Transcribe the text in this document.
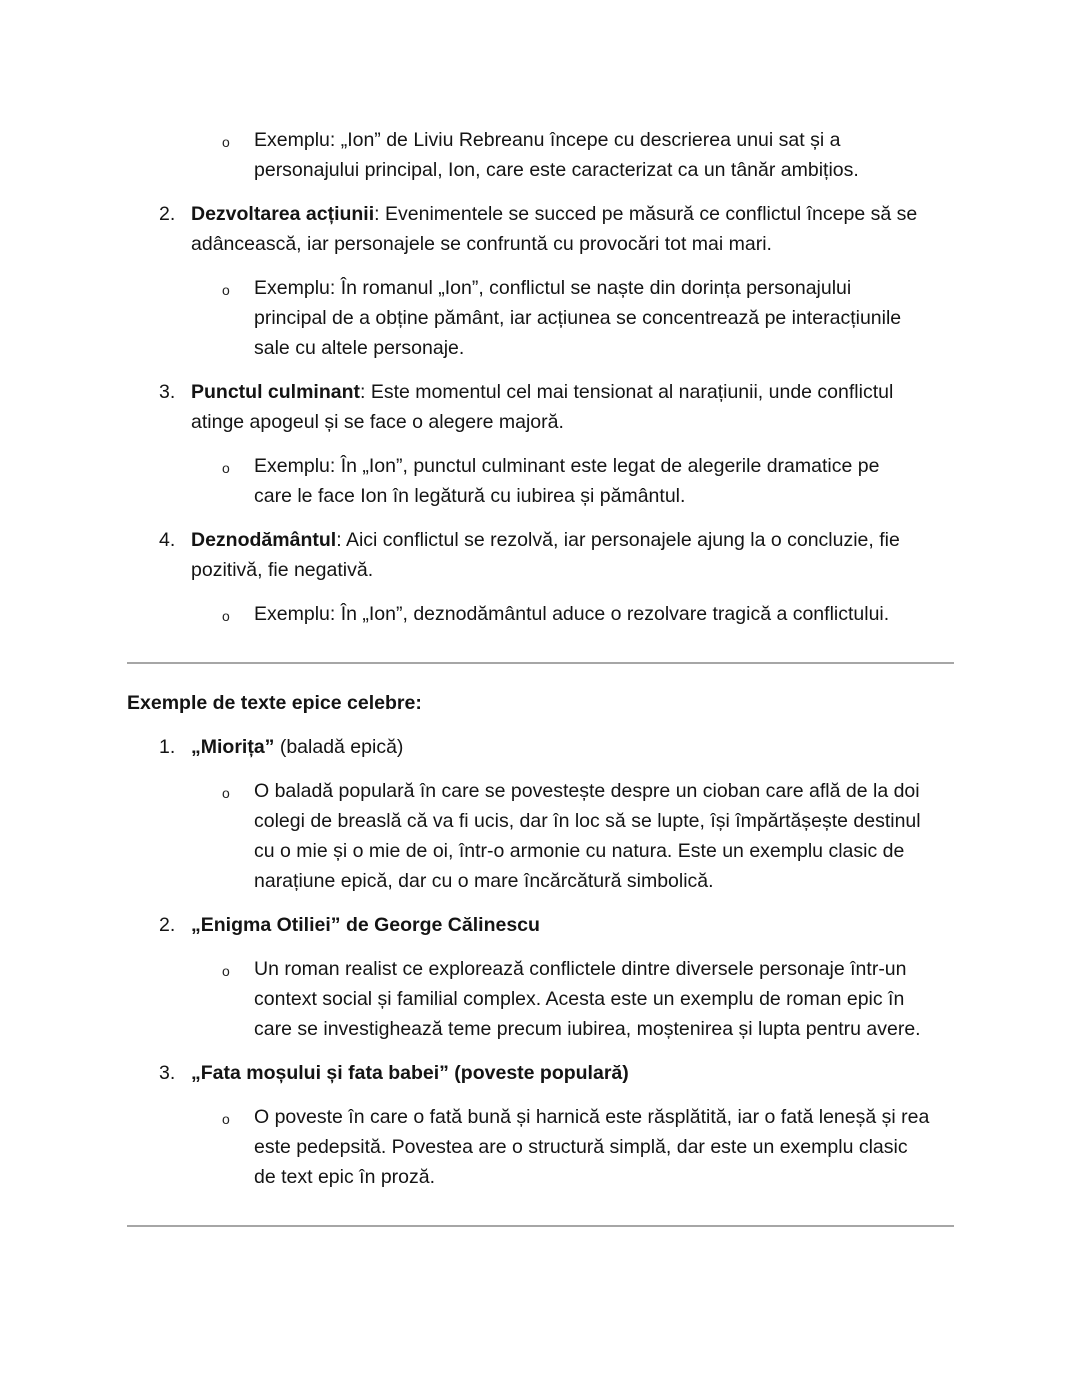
o Exemplu: „Ion” de Liviu Rebreanu începe cu descrierea unui sat și a
personajului principal, Ion, care este caracterizat ca un tânăr ambițios.
2. Dezvoltarea acțiunii: Evenimentele se succed pe măsură ce conflictul începe să se
adâncească, iar personajele se confruntă cu provocări tot mai mari.
o Exemplu: În romanul „Ion”, conflictul se naște din dorința personajului
principal de a obține pământ, iar acțiunea se concentrează pe interacțiunile
sale cu altele personaje.
3. Punctul culminant: Este momentul cel mai tensionat al narațiunii, unde conflictul
atinge apogeul și se face o alegere majoră.
o Exemplu: În „Ion”, punctul culminant este legat de alegerile dramatice pe
care le face Ion în legătură cu iubirea și pământul.
4. Deznodământul: Aici conflictul se rezolvă, iar personajele ajung la o concluzie, fie
pozitivă, fie negativă.
o Exemplu: În „Ion”, deznodământul aduce o rezolvare tragică a conflictului.
Exemple de texte epice celebre:
1. „Miorița” (baladă epică)
o O baladă populară în care se povestește despre un cioban care află de la doi
colegi de breaslă că va fi ucis, dar în loc să se lupte, își împărtășește destinul
cu o mie și o mie de oi, într-o armonie cu natura. Este un exemplu clasic de
narațiune epică, dar cu o mare încărcătură simbolică.
2. „Enigma Otiliei” de George Călinescu
o Un roman realist ce explorează conflictele dintre diversele personaje într-un
context social și familial complex. Acesta este un exemplu de roman epic în
care se investighează teme precum iubirea, moștenirea și lupta pentru avere.
3. „Fata moșului și fata babei” (poveste populară)
o O poveste în care o fată bună și harnică este răsplătită, iar o fată leneșă și rea
este pedepsită. Povestea are o structură simplă, dar este un exemplu clasic
de text epic în proză.
